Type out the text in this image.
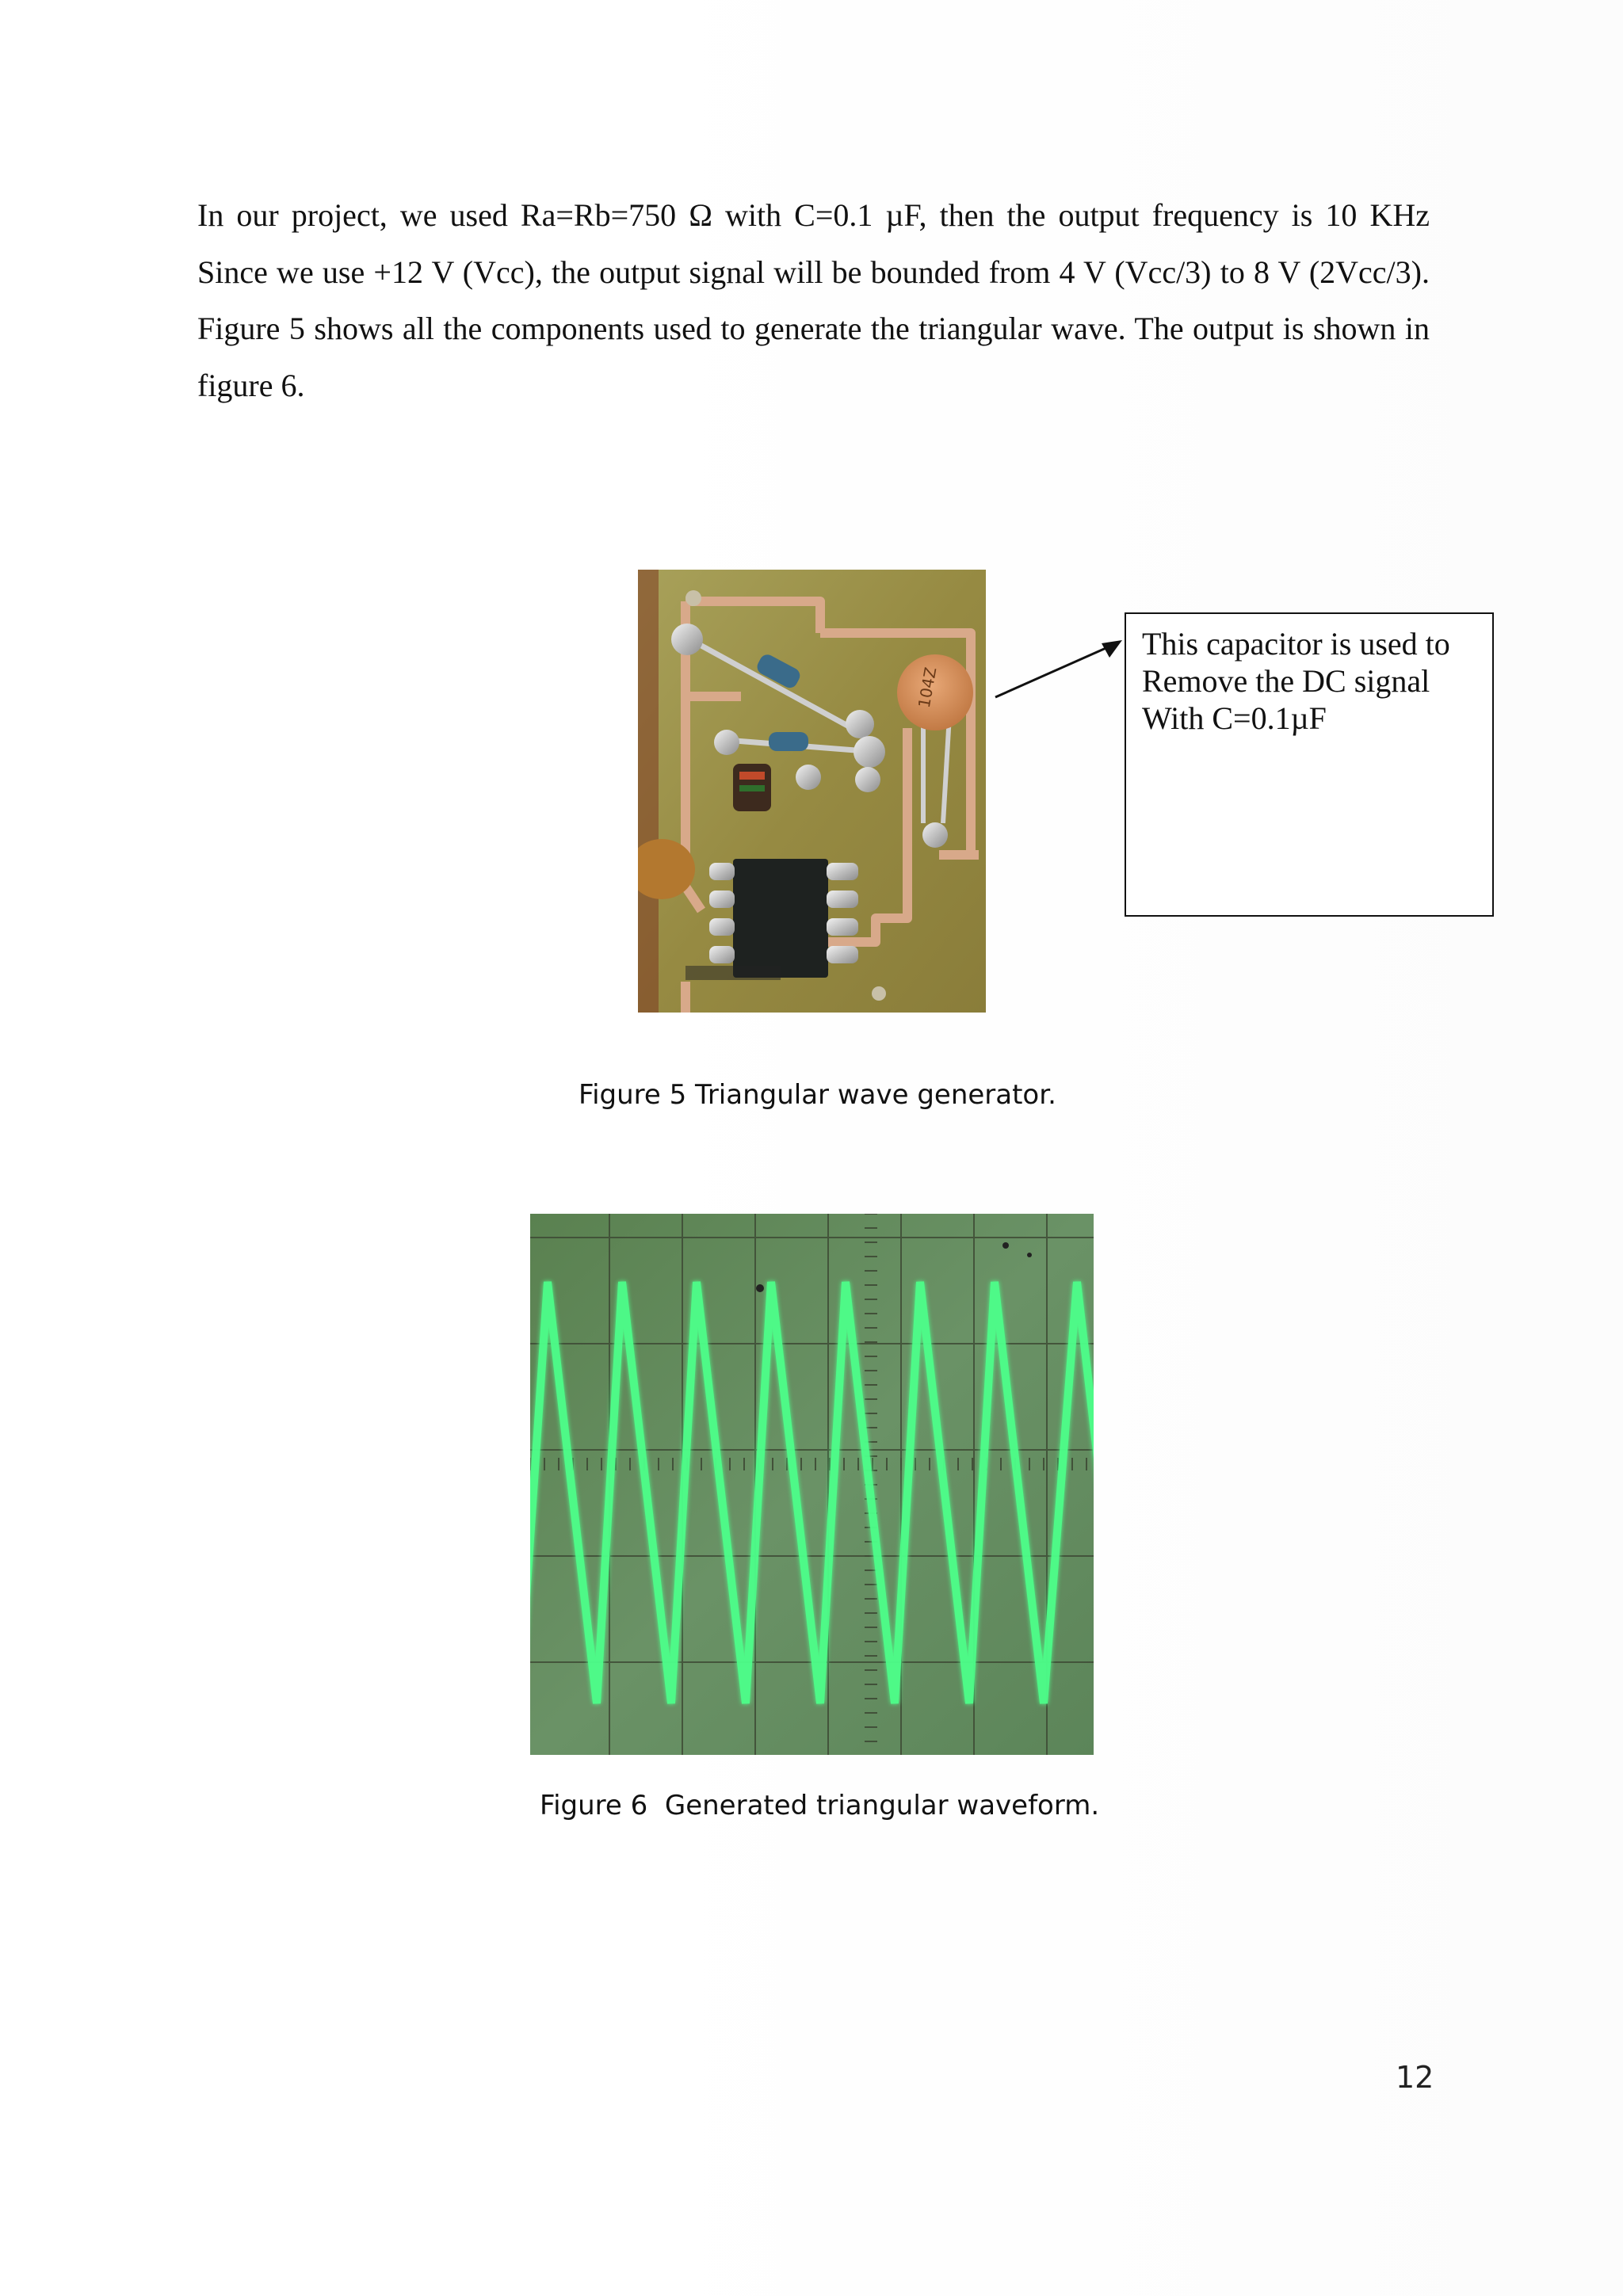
In our project, we used Ra=Rb=750 Ω with C=0.1 µF, then the output frequency is 10 KHz Since we use +12 V (Vcc), the output signal will be bounded from 4 V (Vcc/3) to 8 V (2Vcc/3). Figure 5 shows all the components used to generate the triangular wave. The output is shown in figure 6.

104Z
This capacitor is used to
Remove the DC signal
With C=0.1µF
Figure 5 Triangular wave generator.
Figure 6  Generated triangular waveform.
12
